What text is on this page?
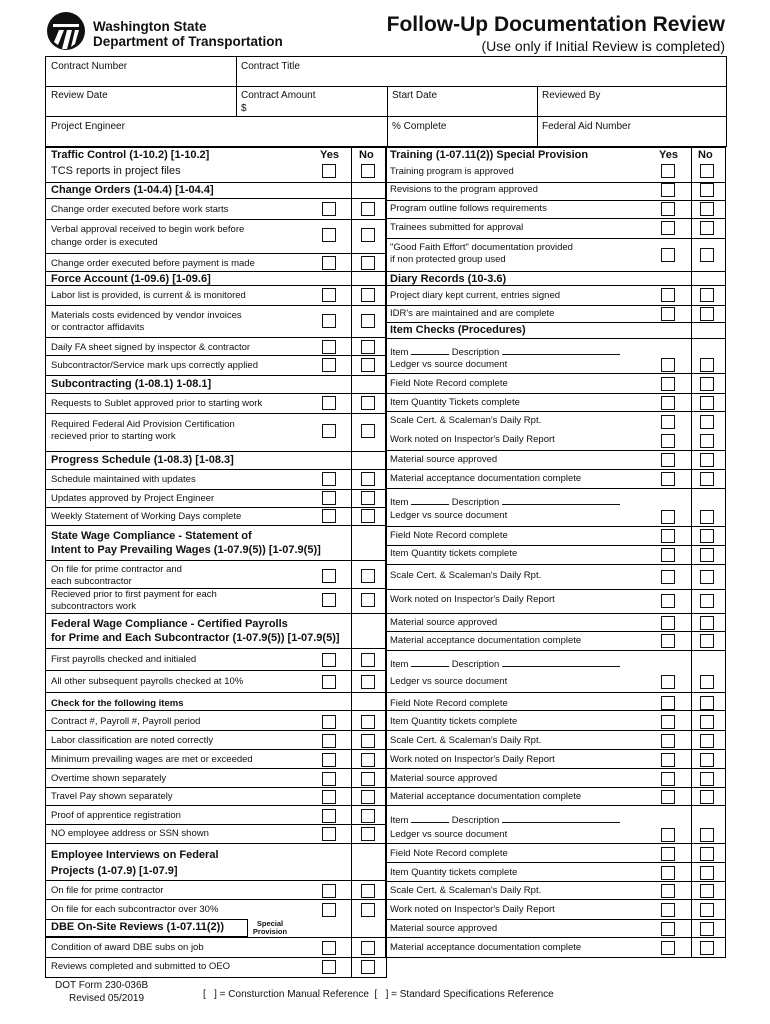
Washington State
Department of Transportation
Follow-Up Documentation Review
(Use only if Initial Review is completed)
Contract Number	Contract Title
Review Date	Contract Amount
$
Start Date	Reviewed By
Project Engineer	% Complete	Federal Aid Number
Yes No
Traffic Control (1-10.2) [1-10.2]
TCS reports in project files
Change Orders (1-04.4) [1-04.4]
Change order executed before work starts
Verbal approval received to begin work before
change order is executed
Change order executed before payment is made
Force Account (1-09.6) [1-09.6]
Labor list is provided, is current & is monitored
Materials costs evidenced by vendor invoices
or contractor affidavits
Daily FA sheet signed by inspector & contractor
Subcontractor/Service mark ups correctly applied
Subcontracting (1-08.1) 1-08.1]
Requests to Sublet approved prior to starting work
Required Federal Aid Provision Certification
recieved prior to starting work
Progress Schedule (1-08.3) [1-08.3]
Schedule maintained with updates
Updates approved by Project Engineer
Weekly Statement of Working Days complete
State Wage Compliance - Statement of
Intent to Pay Prevailing Wages (1-07.9(5)) [1-07.9(5)]
On file for prime contractor and
each subcontractor
Recieved prior to first payment for each
subcontractors work
Federal Wage Compliance - Certified Payrolls
for Prime and Each Subcontractor (1-07.9(5)) [1-07.9(5)]
First payrolls checked and initialed
All other subsequent payrolls checked at 10%
Check for the following items
Contract #, Payroll #, Payroll period
Labor classification are noted correctly
Minimum prevailing wages are met or exceeded
Overtime shown separately
Travel Pay shown separately
Proof of apprentice registration
NO employee address or SSN shown
Employee Interviews on Federal
Projects (1-07.9) [1-07.9]
On file for prime contractor
On file for each subcontractor over 30%
DBE On-Site Reviews (1-07.11(2))	Special
Provision
Condition of award DBE subs on job
Reviews completed and submitted to OEO
Yes No
Training (1-07.11(2)) Special Provision
Training program is approved
Revisions to the program approved
Program outline follows requirements
Trainees submitted for approval
"Good Faith Effort" documentation provided
if non protected group used
Diary Records (10-3.6)
Project diary kept current, entries signed
IDR's are maintained and are complete
Item Checks (Procedures)
Item	Description
Ledger vs source document
Field Note Record complete
Item Quantity Tickets complete
Scale Cert. & Scaleman's Daily Rpt.
Work noted on Inspector's Daily Report
Material source approved
Material acceptance documentation complete
Item	Description
Ledger vs source document
Field Note Record complete
Item Quantity tickets complete
Scale Cert. & Scaleman's Daily Rpt.
Work noted on Inspector's Daily Report
Material source approved
Material acceptance documentation complete
Item	Description
Ledger vs source document
Field Note Record complete
Item Quantity tickets complete
Scale Cert. & Scaleman's Daily Rpt.
Work noted on Inspector's Daily Report
Material source approved
Material acceptance documentation complete
Item	Description
Ledger vs source document
Field Note Record complete
Item Quantity tickets complete
Scale Cert. & Scaleman's Daily Rpt.
Work noted on Inspector's Daily Report
Material source approved
Material acceptance documentation complete
DOT Form 230-036B
Revised 05/2019	[   ] = Consturction Manual Reference  [   ] = Standard Specifications Reference
